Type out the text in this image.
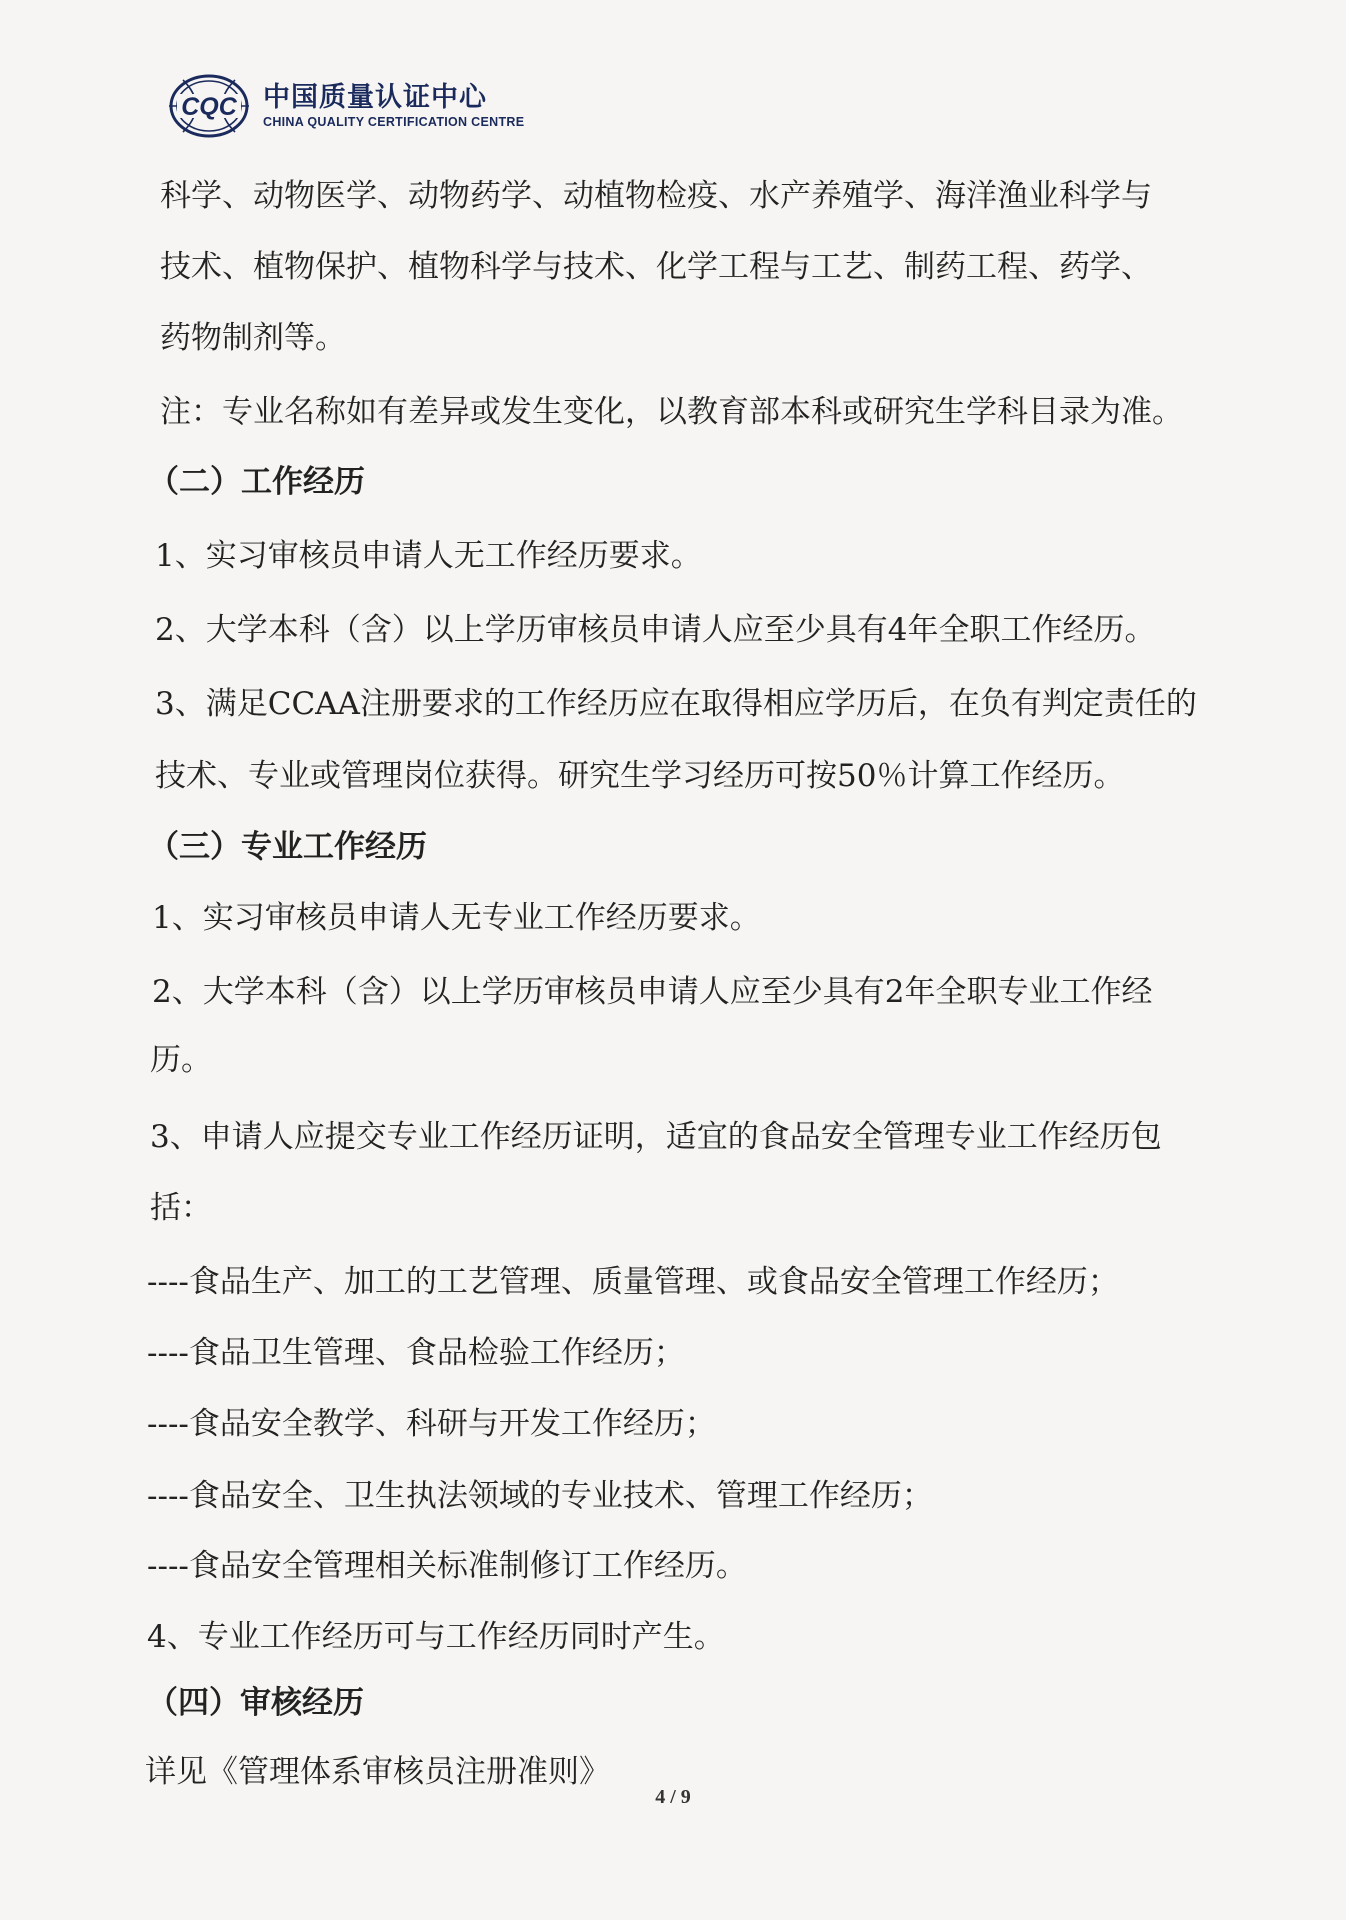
CQC 中国质量认证中心
CHINA QUALITY CERTIFICATION CENTRE
科学、动物医学、动物药学、动植物检疫、水产养殖学、海洋渔业科学与
技术、植物保护、植物科学与技术、化学工程与工艺、制药工程、药学、
药物制剂等。
注：专业名称如有差异或发生变化，以教育部本科或研究生学科目录为准。
（二）工作经历
1、实习审核员申请人无工作经历要求。
2、大学本科（含）以上学历审核员申请人应至少具有4年全职工作经历。
3、满足CCAA注册要求的工作经历应在取得相应学历后，在负有判定责任的
技术、专业或管理岗位获得。研究生学习经历可按50％计算工作经历。
（三）专业工作经历
1、实习审核员申请人无专业工作经历要求。
2、大学本科（含）以上学历审核员申请人应至少具有2年全职专业工作经
历。
3、申请人应提交专业工作经历证明，适宜的食品安全管理专业工作经历包
括：
----食品生产、加工的工艺管理、质量管理、或食品安全管理工作经历；
----食品卫生管理、食品检验工作经历；
----食品安全教学、科研与开发工作经历；
----食品安全、卫生执法领域的专业技术、管理工作经历；
----食品安全管理相关标准制修订工作经历。
4、专业工作经历可与工作经历同时产生。
（四）审核经历
详见《管理体系审核员注册准则》
4 / 9
